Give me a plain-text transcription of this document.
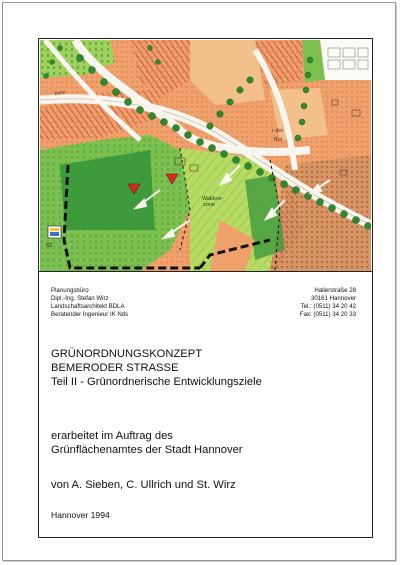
Waldvor-
zone
r der
Bul
Bahn
52
Planungsbüro
Dipl.-Ing. Stefan Wirz
Landschaftsarchitekt BDLA
Beratender Ingenieur IK Nds
Hallerstraße 28
30161 Hannover
Tel.: (0511) 34 20 42
Fax: (0511) 34 20 33
GRÜNORDNUNGSKONZEPT
BEMERODER STRASSE
Teil II - Grünordnerische Entwicklungsziele
erarbeitet im Auftrag des
Grünflächenamtes der Stadt Hannover
von A. Sieben, C. Ullrich und St. Wirz
Hannover 1994
